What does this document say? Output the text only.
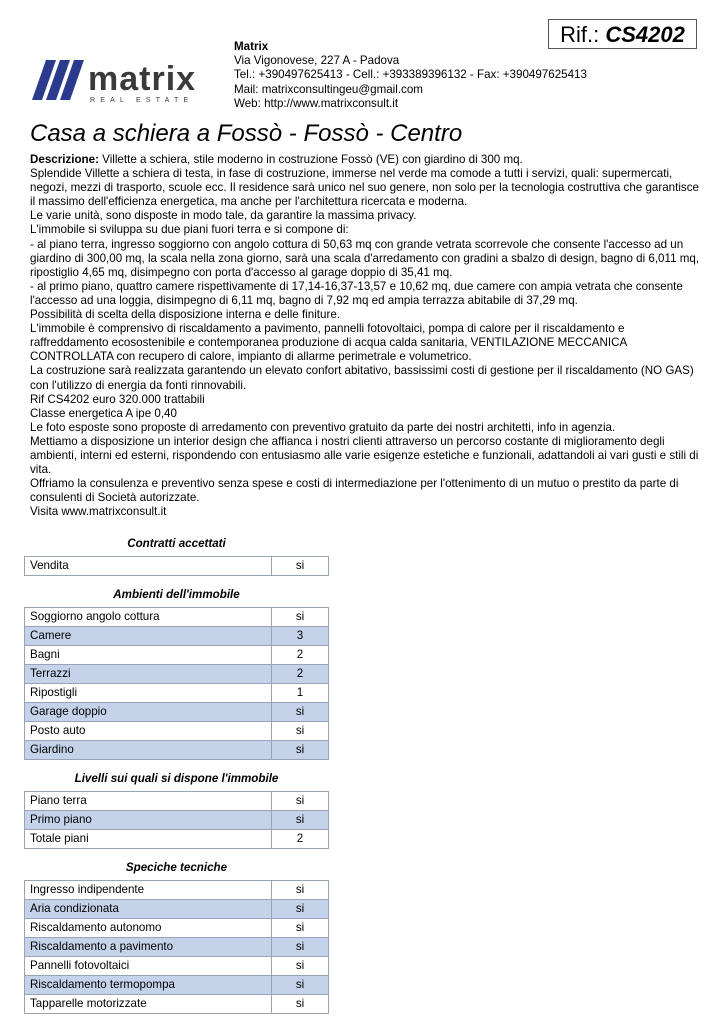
matrix
REAL ESTATE
Matrix
Via Vigonovese, 227 A - Padova
Tel.: +390497625413 - Cell.: +393389396132 - Fax: +390497625413
Mail: matrixconsultingeu@gmail.com
Web: http://www.matrixconsult.it
Rif.: CS4202
Casa a schiera a Fossò - Fossò - Centro

Descrizione: Villette a schiera, stile moderno in costruzione Fossò (VE) con giardino di 300 mq.

Splendide Villette a schiera di testa, in fase di costruzione, immerse nel verde ma comode a tutti i servizi, quali: supermercati, negozi, mezzi di trasporto, scuole ecc. Il residence sarà unico nel suo genere, non solo per la tecnologia costruttiva che garantisce il massimo dell'efficienza energetica, ma anche per l'architettura ricercata e moderna.

Le varie unità, sono disposte in modo tale, da garantire la massima privacy.

L'immobile si sviluppa su due piani fuori terra e si compone di:

- al piano terra, ingresso soggiorno con angolo cottura di 50,63 mq con grande vetrata scorrevole che consente l'accesso ad un giardino di 300,00 mq, la scala nella zona giorno, sarà una scala d'arredamento con gradini a sbalzo di design, bagno di 6,011 mq, ripostiglio 4,65 mq, disimpegno con porta d'accesso al garage doppio di 35,41 mq.

- al primo piano, quattro camere rispettivamente di 17,14-16,37-13,57 e 10,62 mq, due camere con ampia vetrata che consente l'accesso ad una loggia, disimpegno di 6,11 mq, bagno di 7,92 mq ed ampia terrazza abitabile di 37,29 mq.

Possibilità di scelta della disposizione interna e delle finiture.

L'immobile è comprensivo di riscaldamento a pavimento, pannelli fotovoltaici, pompa di calore per il riscaldamento e raffreddamento ecosostenibile e contemporanea produzione di acqua calda sanitaria, VENTILAZIONE MECCANICA CONTROLLATA con recupero di calore, impianto di allarme perimetrale e volumetrico.

La costruzione sarà realizzata garantendo un elevato confort abitativo, bassissimi costi di gestione per il riscaldamento (NO GAS) con l'utilizzo di energia da fonti rinnovabili.

Rif CS4202 euro 320.000 trattabili

Classe energetica A ipe 0,40

Le foto esposte sono proposte di arredamento con preventivo gratuito da parte dei nostri architetti, info in agenzia.

Mettiamo a disposizione un interior design che affianca i nostri clienti attraverso un percorso costante di miglioramento degli ambienti, interni ed esterni, rispondendo con entusiasmo alle varie esigenze estetiche e funzionali, adattandoli ai vari gusti e stili di vita.

Offriamo la consulenza e preventivo senza spese e costi di intermediazione per l'ottenimento di un mutuo o prestito da parte di consulenti di Società autorizzate.

Visita www.matrixconsult.it

Contratti accettati
Vendita	si
Ambienti dell'immobile
Soggiorno angolo cottura	si
Camere	3
Bagni	2
Terrazzi	2
Ripostigli	1
Garage doppio	si
Posto auto	si
Giardino	si
Livelli sui quali si dispone l'immobile
Piano terra	si
Primo piano	si
Totale piani	2
Speciche tecniche
Ingresso indipendente	si
Aria condizionata	si
Riscaldamento autonomo	si
Riscaldamento a pavimento	si
Pannelli fotovoltaici	si
Riscaldamento termopompa	si
Tapparelle motorizzate	si
